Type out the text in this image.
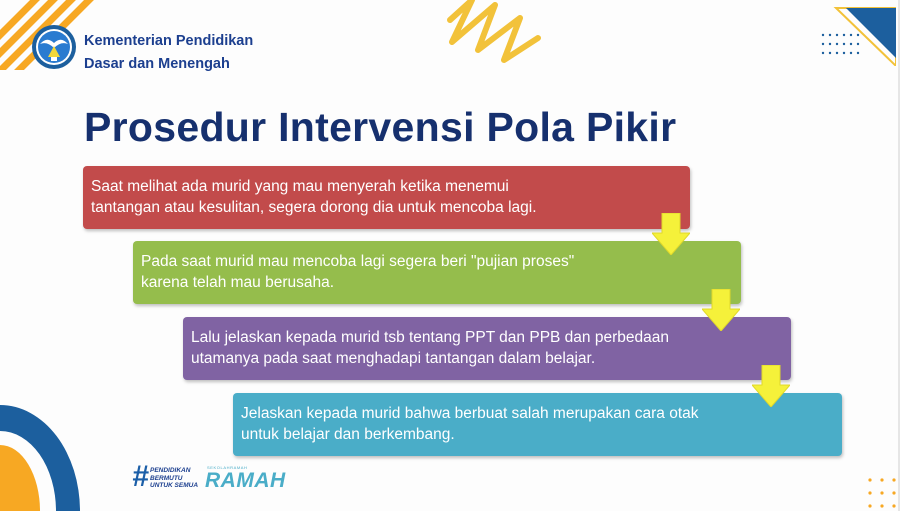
Kementerian Pendidikan
Dasar dan Menengah
Prosedur Intervensi Pola Pikir
Saat melihat ada murid yang mau menyerah ketika menemui
tantangan atau kesulitan, segera dorong dia untuk mencoba lagi.
Pada saat murid mau mencoba lagi segera beri "pujian proses"
karena telah mau berusaha.
Lalu jelaskan kepada murid tsb tentang PPT dan PPB dan perbedaan
utamanya pada saat menghadapi tantangan dalam belajar.
Jelaskan kepada murid bahwa berbuat salah merupakan cara otak
untuk belajar dan berkembang.
# PENDIDIKAN
BERMUTU
UNTUK SEMUA
SEKOLAHRAMAH
RAMAH
